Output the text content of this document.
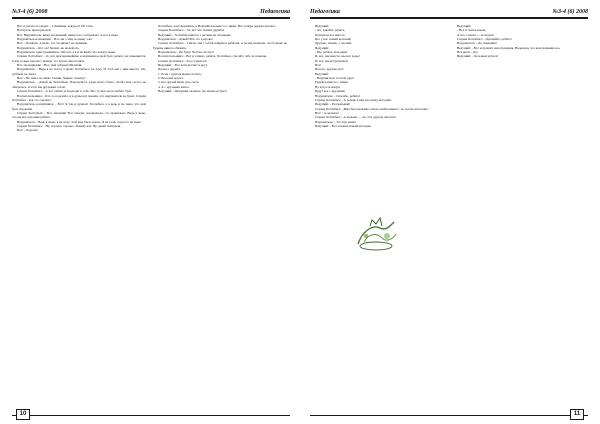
№3-4 (6) 2008	Педагогика

Вот я узнала ее секрет. - Слышишь, какую я? Об этом.

Нагнулся, прислушался:

Вот. Нарушитель, вижу, маленький, ничего не соображает. А вот я знаю.

Нарушитель-помощник: - Вот, ни о чём, но вижу зло!

Вот: - Понятно, я знаю, что ты ничего не значишь.

Нарушитель: - Кто он? Значит, не жалей его.

Нарушитель, прислушавшись: Ой, всё, а я и не вижу, что вокруг меня.

Справа Хотпабыч: - О, всё драгоценнейшее и неизменное мой брат, ничего не поменяется, и как только прошло, правда, это всё не мне понять.

Вот, мальчиками: - Вот, мой добрый Шалабай.

Нарушитель: - Ведь я не хотел. Справа Хотпабыч! не хочу. И чтоб мы с ним вместе. Он, добрый, не знает.

Вот: - Не знаю, не знаю. Скажи, бывает, почему?

Нарушитель: - Давай не Хотпабыч! Пожалуйста, ради моего блага, чтобы моя сестра не обиделась, и чтоб мы друзьями стали.

Справа Хотпабыч: - А вот сейчас и подходят к тебе. Вот ту мою не полюбит, брат.

Воспитательница: - Кто-то подошёл, и в душе всё поняли, что нарушителя не будет. Справа Хотпабыч - как это сделать?

Нарушитель, нагнувшись: - Вот! Я так и думала! Хотпабыч, а я ведь и не знаю, что мой брат хороший.

Справа Хотпабыч: - Вот, мальчик! Вот смотри, хорошенько, это правильно. Ведь я знаю, что вы все хорошие ребята.

Нарушитель: - Ведь я знаю, я не хочу, чтоб мне было плохо. Я не злой, я просто не знаю.

Справа Хотпабыч: - Ну, хорошо, хорошо. Я вижу всё. Ну, давай поиграем.

Вот: - Хорошо!

Хотпабыч, разговорились, а Нарушитель вместе с ними. Все теперь дружно играют.

Справа Хотпабыч: - Эх, вот что значит дружба!

Ведущий: - Хотпабыч вместе с детьми на площадке.

Нарушитель: - Давай! Вот это здорово!

Справа Хотпабыч: - Сейчас мы с тобой пойдём к ребятам, и ты им скажешь, что больше не будешь никого обижать.

Нарушитель: - Не буду! Честно-честно!

Воспитательница: - Вот и славно, ребята. Хотпабыч, спасибо тебе за помощь.

Справа Хотпабыч: - Рад стараться!

Ведущий: - Все дети встают в круг.

Песня о дружбе.

1. Если с другом вышел в путь,

2. Веселей дорога,

3. Без друзей меня чуть-чуть,

4. А с друзьями много.

Ведущий: - Праздник окончен. До новых встреч!

10
Педагогика	№3-4 (6) 2008

Ведущий:

- Ах, давайте, ребята,

Поиграем все вместе,

Кто у нас самый весёлый,

Дружно, звонко, с песней.

Ведущий:

- Вы, ребята, молодцы!

И, вот, мы вместе, мы все рады!

И, вот, мы встретились!

Вот!

Весело, дружно все!

Ведущий:

- Нарушитель, ты наш друг!

Радуйся вместе с нами!

Ну и пусть вокруг

Будут все с друзьями.

Нарушитель: - Спасибо, ребята!

Справа Хотпабыч: - А теперь я вам расскажу историю.

Ведущий: - Рассказывай!

Справа Хотпабыч: - Жил-был мальчик. Он не любил никого, но потом всё понял.

Вот: - А дальше?

Справа Хотпабыч: - А дальше — он стал другом для всех.

Нарушитель: - Это про меня!

Ведущий: - Вот и конец нашей истории.

Ведущий:

- Вот и сказке конец,

А кто слушал — молодец!

Справа Хотпабыч: - Прощайте, ребята!

Нарушитель: - До свидания!

Ведущий: - Вот и прошёл наш праздник. Надеемся, что вам понравилось.

Все дети: - Да!

Ведущий: - До новых встреч!

11
